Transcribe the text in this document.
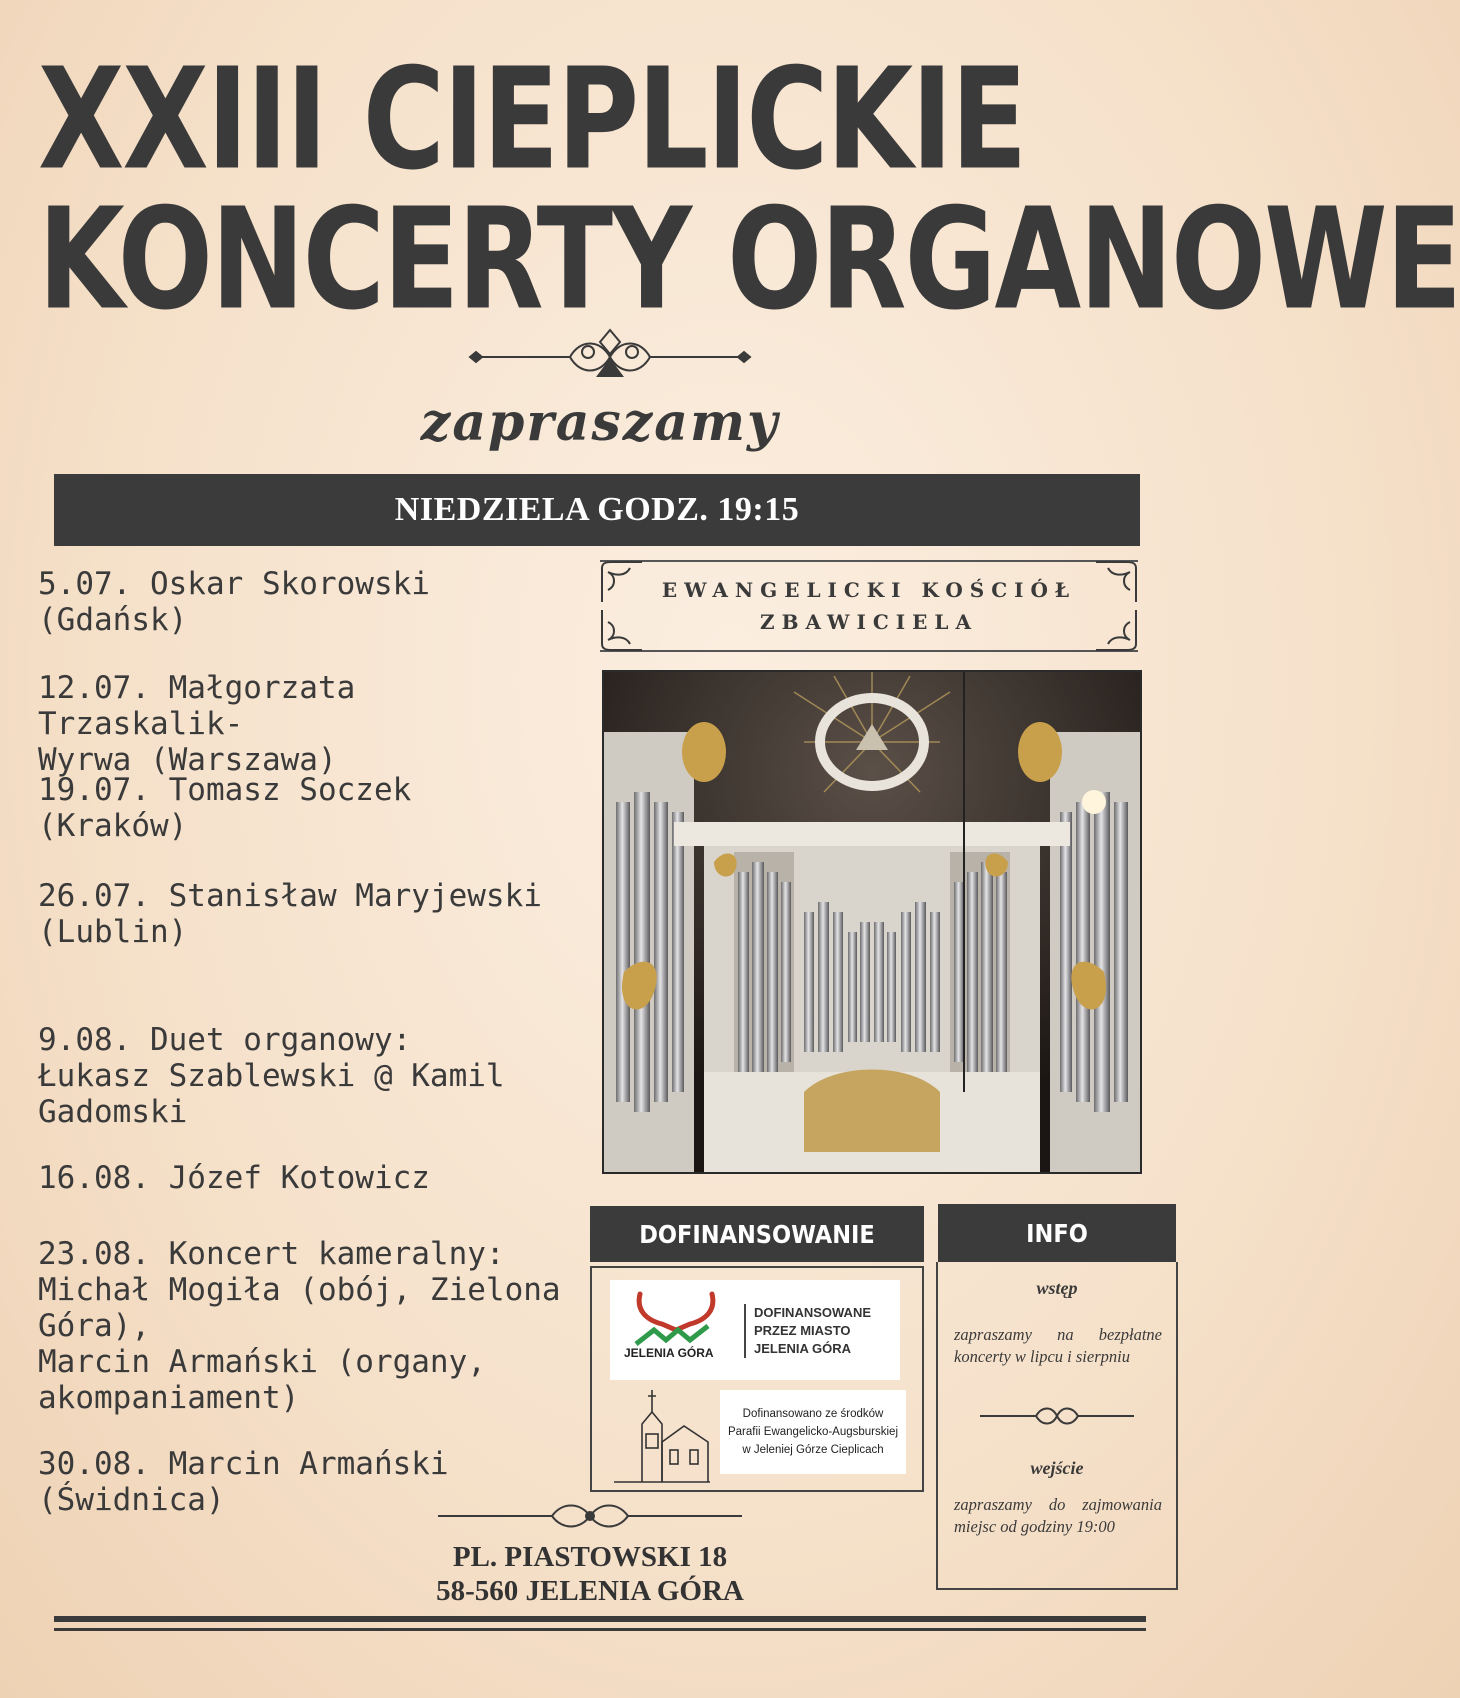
XXIII CIEPLICKIE
KONCERTY ORGANOWE
zapraszamy
NIEDZIELA GODZ. 19:15
5.07. Oskar Skorowski
(Gdańsk)
12.07. Małgorzata Trzaskalik-
Wyrwa (Warszawa)
19.07. Tomasz Soczek
(Kraków)
26.07. Stanisław Maryjewski
(Lublin)
9.08. Duet organowy:
Łukasz Szablewski @ Kamil
Gadomski
16.08. Józef Kotowicz
23.08. Koncert kameralny:
Michał Mogiła (obój, Zielona
Góra),
Marcin Armański (organy,
akompaniament)
30.08. Marcin Armański
(Świdnica)
EWANGELICKI KOŚCIÓŁ
ZBAWICIELA
DOFINANSOWANIE
JELENIA GÓRA
DOFINANSOWANE
PRZEZ MIASTO
JELENIA GÓRA
Dofinansowano ze środków
Parafii Ewangelicko-Augsburskiej
w Jeleniej Górze Cieplicach
INFO
wstęp
zapraszamy na bezpłatne koncerty w lipcu i sierpniu
wejście
zapraszamy do zajmowania miejsc od godziny 19:00
PL. PIASTOWSKI 18
58-560 JELENIA GÓRA
